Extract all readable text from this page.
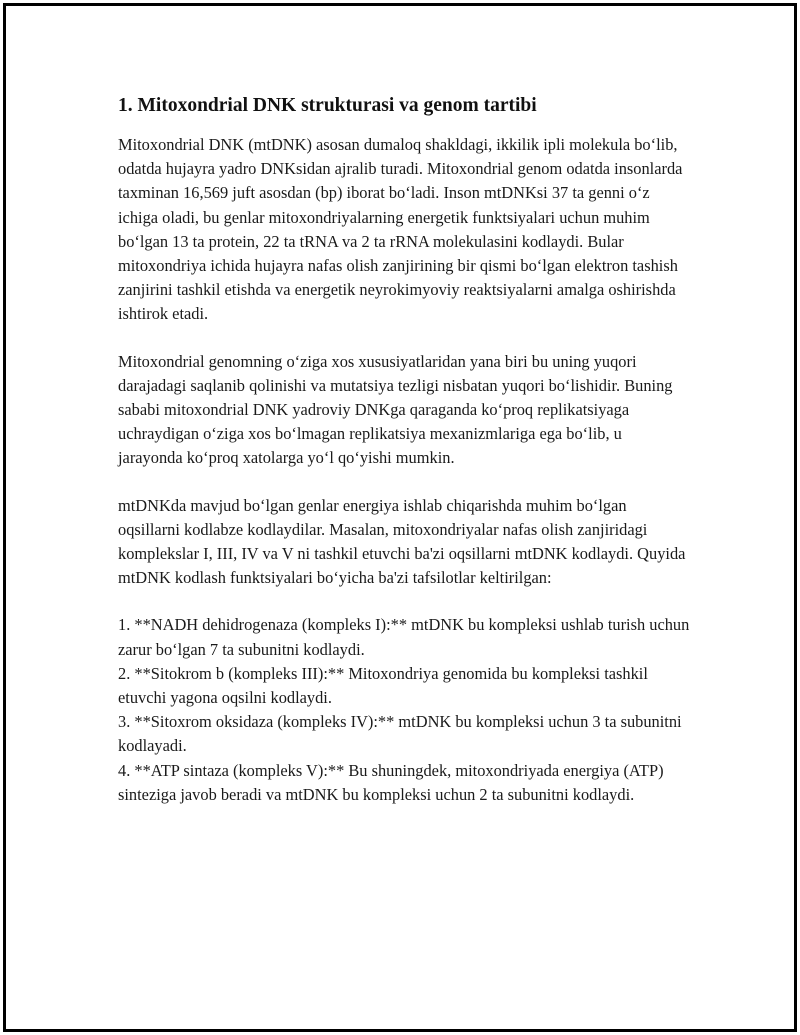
1. Mitoxondrial DNK strukturasi va genom tartibi

Mitoxondrial DNK (mtDNK) asosan dumaloq shakldagi, ikkilik ipli molekula bo‘lib, odatda hujayra yadro DNKsidan ajralib turadi. Mitoxondrial genom odatda insonlarda taxminan 16,569 juft asosdan (bp) iborat bo‘ladi. Inson mtDNKsi 37 ta genni o‘z ichiga oladi, bu genlar mitoxondriyalarning energetik funktsiyalari uchun muhim bo‘lgan 13 ta protein, 22 ta tRNA va 2 ta rRNA molekulasini kodlaydi. Bular mitoxondriya ichida hujayra nafas olish zanjirining bir qismi bo‘lgan elektron tashish zanjirini tashkil etishda va energetik neyrokimyoviy reaktsiyalarni amalga oshirishda ishtirok etadi.

Mitoxondrial genomning o‘ziga xos xususiyatlaridan yana biri bu uning yuqori darajadagi saqlanib qolinishi va mutatsiya tezligi nisbatan yuqori bo‘lishidir. Buning sababi mitoxondrial DNK yadroviy DNKga qaraganda ko‘proq replikatsiyaga uchraydigan o‘ziga xos bo‘lmagan replikatsiya mexanizmlariga ega bo‘lib, u jarayonda ko‘proq xatolarga yo‘l qo‘yishi mumkin.

mtDNKda mavjud bo‘lgan genlar energiya ishlab chiqarishda muhim bo‘lgan oqsillarni kodlabze kodlaydilar. Masalan, mitoxondriyalar nafas olish zanjiridagi komplekslar I, III, IV va V ni tashkil etuvchi ba'zi oqsillarni mtDNK kodlaydi. Quyida mtDNK kodlash funktsiyalari bo‘yicha ba'zi tafsilotlar keltirilgan:

1. **NADH dehidrogenaza (kompleks I):** mtDNK bu kompleksi ushlab turish uchun zarur bo‘lgan 7 ta subunitni kodlaydi.
2. **Sitokrom b (kompleks III):** Mitoxondriya genomida bu kompleksi tashkil etuvchi yagona oqsilni kodlaydi.
3. **Sitoxrom oksidaza (kompleks IV):** mtDNK bu kompleksi uchun 3 ta subunitni kodlayadi.
4. **ATP sintaza (kompleks V):** Bu shuningdek, mitoxondriyada energiya (ATP) sinteziga javob beradi va mtDNK bu kompleksi uchun 2 ta subunitni kodlaydi.
